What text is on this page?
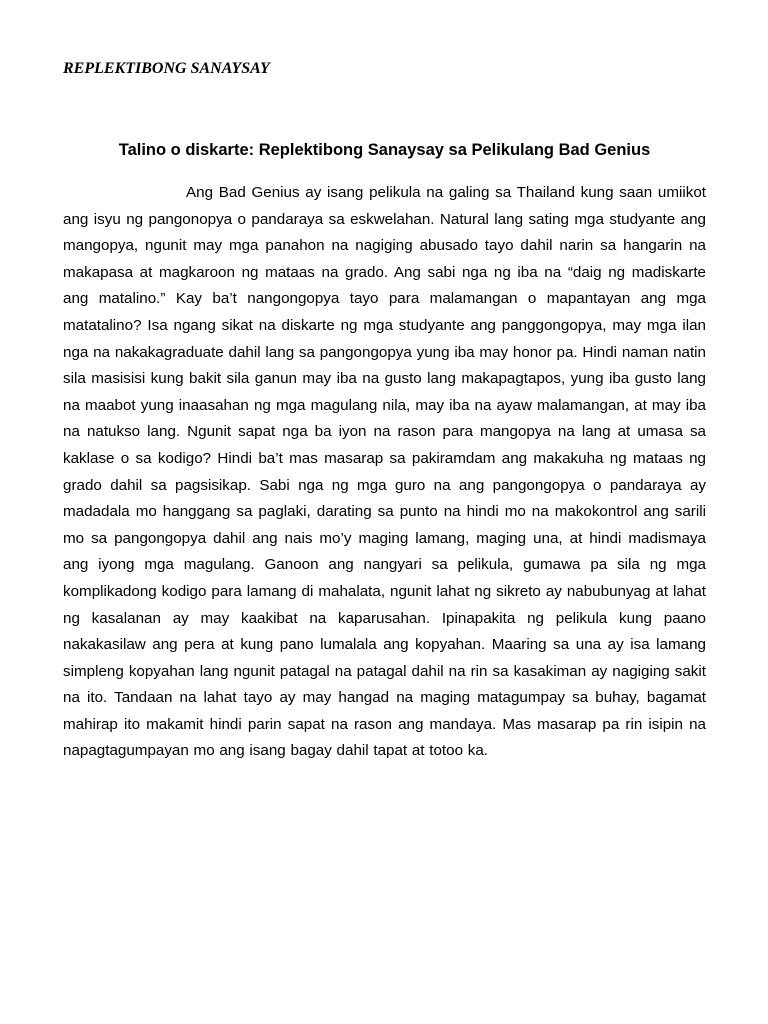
REPLEKTIBONG SANAYSAY
Talino o diskarte: Replektibong Sanaysay sa Pelikulang Bad Genius

Ang Bad Genius ay isang pelikula na galing sa Thailand kung saan umiikot ang isyu ng pangonopya o pandaraya sa eskwelahan. Natural lang sating mga studyante ang mangopya, ngunit may mga panahon na nagiging abusado tayo dahil narin sa hangarin na makapasa at magkaroon ng mataas na grado. Ang sabi nga ng iba na “daig ng madiskarte ang matalino.” Kay ba’t nangongopya tayo para malamangan o mapantayan ang mga matatalino? Isa ngang sikat na diskarte ng mga studyante ang panggongopya, may mga ilan nga na nakakagraduate dahil lang sa pangongopya yung iba may honor pa. Hindi naman natin sila masisisi kung bakit sila ganun may iba na gusto lang makapagtapos, yung iba gusto lang na maabot yung inaasahan ng mga magulang nila, may iba na ayaw malamangan, at may iba na natukso lang. Ngunit sapat nga ba iyon na rason para mangopya na lang at umasa sa kaklase o sa kodigo? Hindi ba’t mas masarap sa pakiramdam ang makakuha ng mataas ng grado dahil sa pagsisikap. Sabi nga ng mga guro na ang pangongopya o pandaraya ay madadala mo hanggang sa paglaki, darating sa punto na hindi mo na makokontrol ang sarili mo sa pangongopya dahil ang nais mo’y maging lamang, maging una, at hindi madismaya ang iyong mga magulang. Ganoon ang nangyari sa pelikula, gumawa pa sila ng mga komplikadong kodigo para lamang di mahalata, ngunit lahat ng sikreto ay nabubunyag at lahat ng kasalanan ay may kaakibat na kaparusahan. Ipinapakita ng pelikula kung paano nakakasilaw ang pera at kung pano lumalala ang kopyahan. Maaring sa una ay isa lamang simpleng kopyahan lang ngunit patagal na patagal dahil na rin sa kasakiman ay nagiging sakit na ito. Tandaan na lahat tayo ay may hangad na maging matagumpay sa buhay, bagamat mahirap ito makamit hindi parin sapat na rason ang mandaya. Mas masarap pa rin isipin na napagtagumpayan mo ang isang bagay dahil tapat at totoo ka.
